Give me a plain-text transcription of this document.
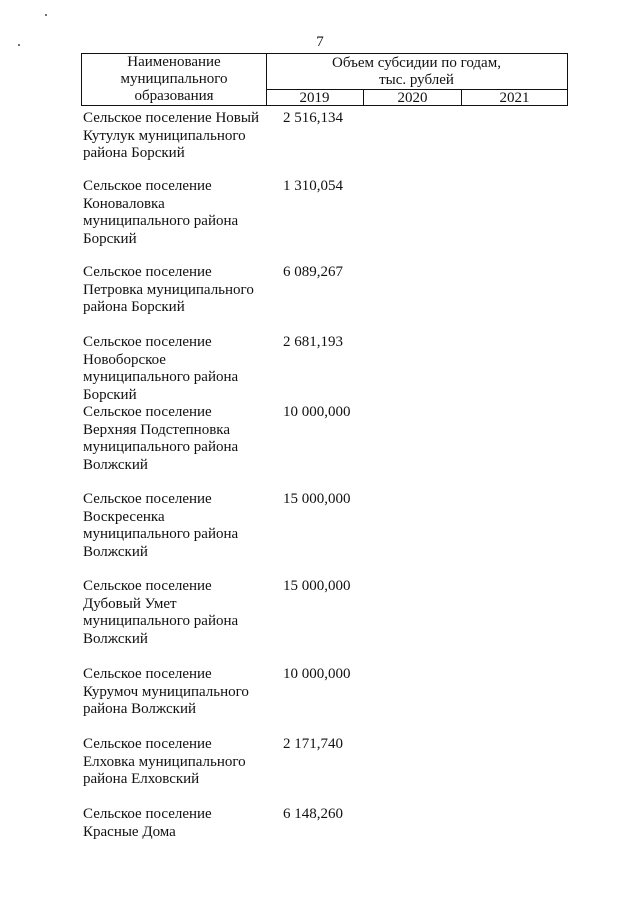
7
Наименование
муниципального
образования
Объем субсидии по годам,
тыс. рублей
2019	2020	2021
Сельское поселение Новый
Кутулук муниципального
района Борский
2 516,134
Сельское поселение
Коноваловка
муниципального района
Борский
1 310,054
Сельское поселение
Петровка муниципального
района Борский
6 089,267
Сельское поселение
Новоборское
муниципального района
Борский
2 681,193
Сельское поселение
Верхняя Подстепновка
муниципального района
Волжский
10 000,000
Сельское поселение
Воскресенка
муниципального района
Волжский
15 000,000
Сельское поселение
Дубовый Умет
муниципального района
Волжский
15 000,000
Сельское поселение
Курумоч муниципального
района Волжский
10 000,000
Сельское поселение
Елховка муниципального
района Елховский
2 171,740
Сельское поселение
Красные Дома
6 148,260
